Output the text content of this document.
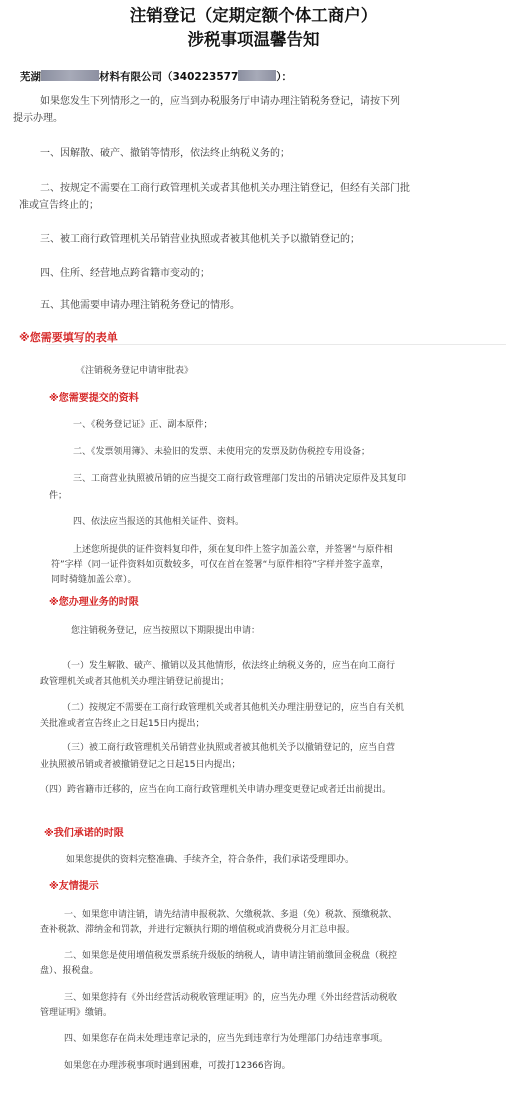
注销登记（定期定额个体工商户）
涉税事项温馨告知
芜湖	材料有限公司（340223577	）：
如果您发生下列情形之一的，应当到办税服务厅申请办理注销税务登记，请按下列
提示办理。
一、因解散、破产、撤销等情形，依法终止纳税义务的；
二、按规定不需要在工商行政管理机关或者其他机关办理注销登记，但经有关部门批
准或宣告终止的；
三、被工商行政管理机关吊销营业执照或者被其他机关予以撤销登记的；
四、住所、经营地点跨省籍市变动的；
五、其他需要申请办理注销税务登记的情形。
※您需要填写的表单
《注销税务登记申请审批表》
※您需要提交的资料
一、《税务登记证》正、副本原件；
二、《发票领用簿》、未验旧的发票、未使用完的发票及防伪税控专用设备；
三、工商营业执照被吊销的应当提交工商行政管理部门发出的吊销决定原件及其复印
件；
四、依法应当报送的其他相关证件、资料。
上述您所提供的证件资料复印件，须在复印件上签字加盖公章，并签署“与原件相
符”字样（同一证件资料如页数较多，可仅在首在签署“与原件相符”字样并签字盖章，
同时骑缝加盖公章）。
※您办理业务的时限
您注销税务登记，应当按照以下期限提出申请：
（一）发生解散、破产、撤销以及其他情形，依法终止纳税义务的，应当在向工商行
政管理机关或者其他机关办理注销登记前提出；
（二）按规定不需要在工商行政管理机关或者其他机关办理注册登记的，应当自有关机
关批准或者宣告终止之日起15日内提出；
（三）被工商行政管理机关吊销营业执照或者被其他机关予以撤销登记的，应当自营
业执照被吊销或者被撤销登记之日起15日内提出；
（四）跨省籍市迁移的，应当在向工商行政管理机关申请办理变更登记或者迁出前提出。
※我们承诺的时限
如果您提供的资料完整准确、手续齐全，符合条件，我们承诺受理即办。
※友情提示
一、如果您申请注销，请先结清申报税款、欠缴税款、多退（免）税款、预缴税款、
查补税款、滞纳金和罚款，并进行定额执行期的增值税或消费税分月汇总申报。
二、如果您是使用增值税发票系统升级版的纳税人，请申请注销前缴回金税盘（税控
盘）、报税盘。
三、如果您持有《外出经营活动税收管理证明》的，应当先办理《外出经营活动税收
管理证明》缴销。
四、如果您存在尚未处理违章记录的，应当先到违章行为处理部门办结违章事项。
如果您在办理涉税事项时遇到困难，可拨打12366咨询。
